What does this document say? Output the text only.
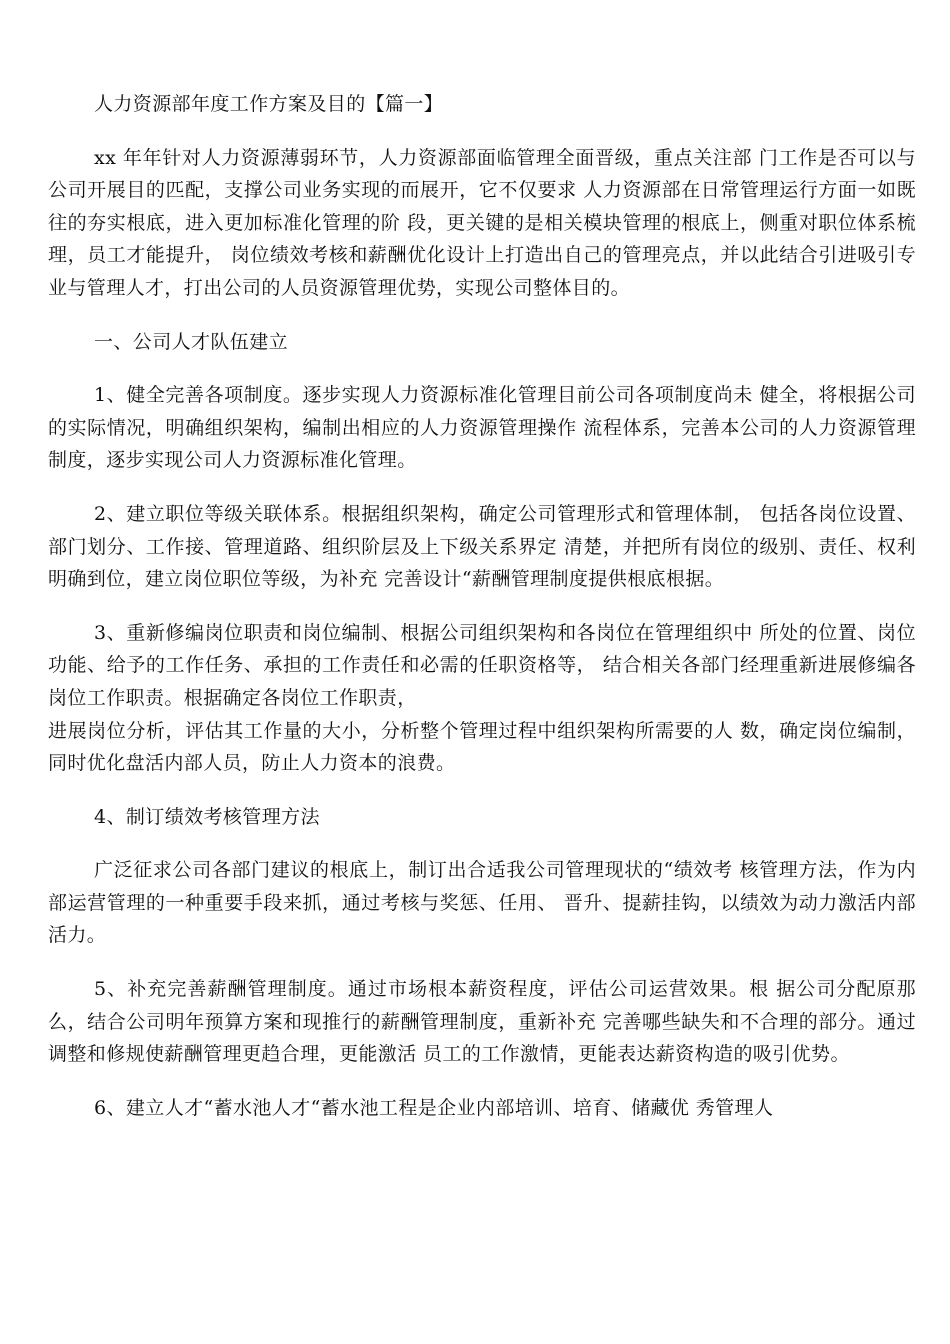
人力资源部年度工作方案及目的【篇一】

xx 年年针对人力资源薄弱环节，人力资源部面临管理全面晋级，重点关注部 门工作是否可以与公司开展目的匹配，支撑公司业务实现的而展开，它不仅要求 人力资源部在日常管理运行方面一如既往的夯实根底，进入更加标准化管理的阶 段，更关键的是相关模块管理的根底上，侧重对职位体系梳理，员工才能提升， 岗位绩效考核和薪酬优化设计上打造出自己的管理亮点，并以此结合引进吸引专 业与管理人才，打出公司的人员资源管理优势，实现公司整体目的。

一、公司人才队伍建立

1、健全完善各项制度。逐步实现人力资源标准化管理目前公司各项制度尚未 健全，将根据公司的实际情况，明确组织架构，编制出相应的人力资源管理操作 流程体系，完善本公司的人力资源管理制度，逐步实现公司人力资源标准化管理。

2、建立职位等级关联体系。根据组织架构，确定公司管理形式和管理体制， 包括各岗位设置、部门划分、工作接、管理道路、组织阶层及上下级关系界定 清楚，并把所有岗位的级别、责任、权利明确到位，建立岗位职位等级，为补充 完善设计“薪酬管理制度提供根底根据。

3、重新修编岗位职责和岗位编制、根据公司组织架构和各岗位在管理组织中 所处的位置、岗位功能、给予的工作任务、承担的工作责任和必需的任职资格等， 结合相关各部门经理重新进展修编各岗位工作职责。根据确定各岗位工作职责，

进展岗位分析，评估其工作量的大小，分析整个管理过程中组织架构所需要的人 数，确定岗位编制，同时优化盘活内部人员，防止人力资本的浪费。

4、制订绩效考核管理方法

广泛征求公司各部门建议的根底上，制订出合适我公司管理现状的“绩效考 核管理方法，作为内部运营管理的一种重要手段来抓，通过考核与奖惩、任用、 晋升、提薪挂钩，以绩效为动力激活内部活力。

5、补充完善薪酬管理制度。通过市场根本薪资程度，评估公司运营效果。根 据公司分配原那么，结合公司明年预算方案和现推行的薪酬管理制度，重新补充 完善哪些缺失和不合理的部分。通过调整和修规使薪酬管理更趋合理，更能激活 员工的工作激情，更能表达薪资构造的吸引优势。

6、建立人才“蓄水池人才“蓄水池工程是企业内部培训、培育、储藏优 秀管理人
